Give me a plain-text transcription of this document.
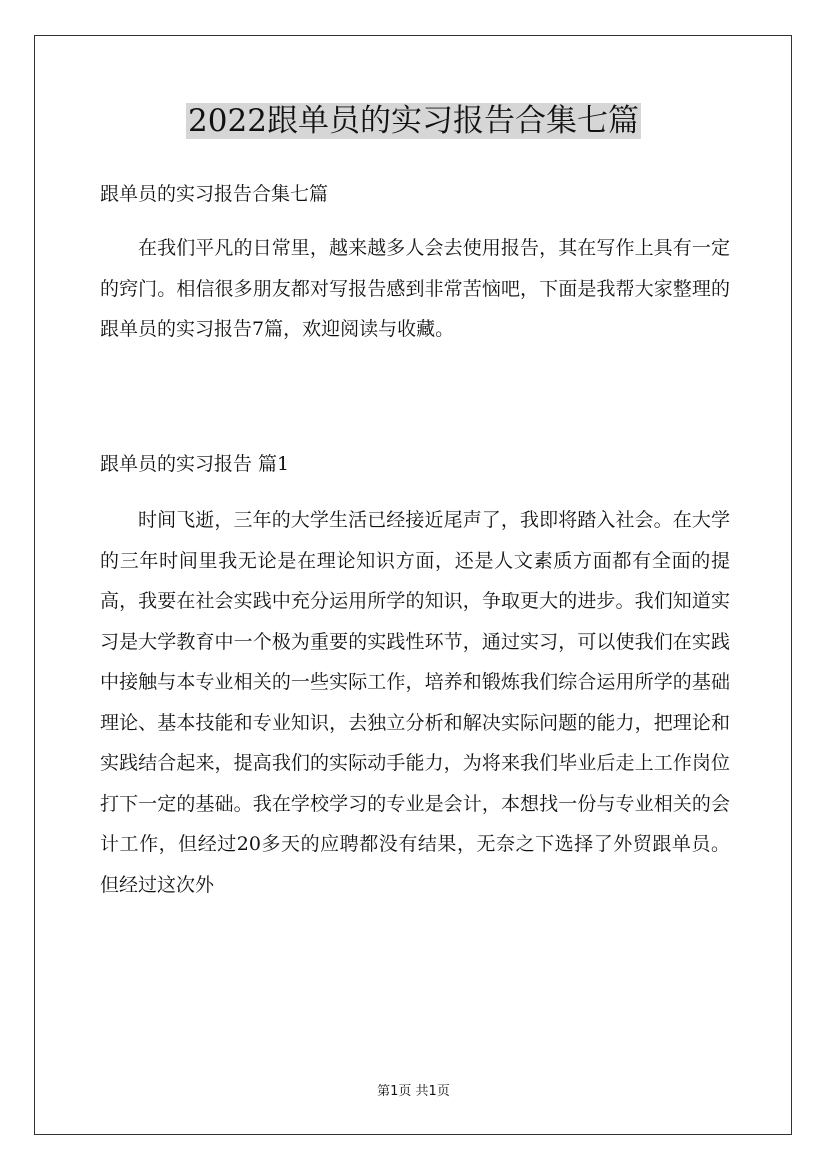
2022跟单员的实习报告合集七篇

跟单员的实习报告合集七篇

在我们平凡的日常里，越来越多人会去使用报告，其在写作上具有一定的窍门。相信很多朋友都对写报告感到非常苦恼吧，下面是我帮大家整理的跟单员的实习报告7篇，欢迎阅读与收藏。

跟单员的实习报告 篇1

时间飞逝，三年的大学生活已经接近尾声了，我即将踏入社会。在大学的三年时间里我无论是在理论知识方面，还是人文素质方面都有全面的提高，我要在社会实践中充分运用所学的知识，争取更大的进步。我们知道实习是大学教育中一个极为重要的实践性环节，通过实习，可以使我们在实践中接触与本专业相关的一些实际工作，培养和锻炼我们综合运用所学的基础理论、基本技能和专业知识，去独立分析和解决实际问题的能力，把理论和实践结合起来，提高我们的实际动手能力，为将来我们毕业后走上工作岗位打下一定的基础。我在学校学习的专业是会计，本想找一份与专业相关的会计工作，但经过20多天的应聘都没有结果，无奈之下选择了外贸跟单员。但经过这次外

第1页 共1页
